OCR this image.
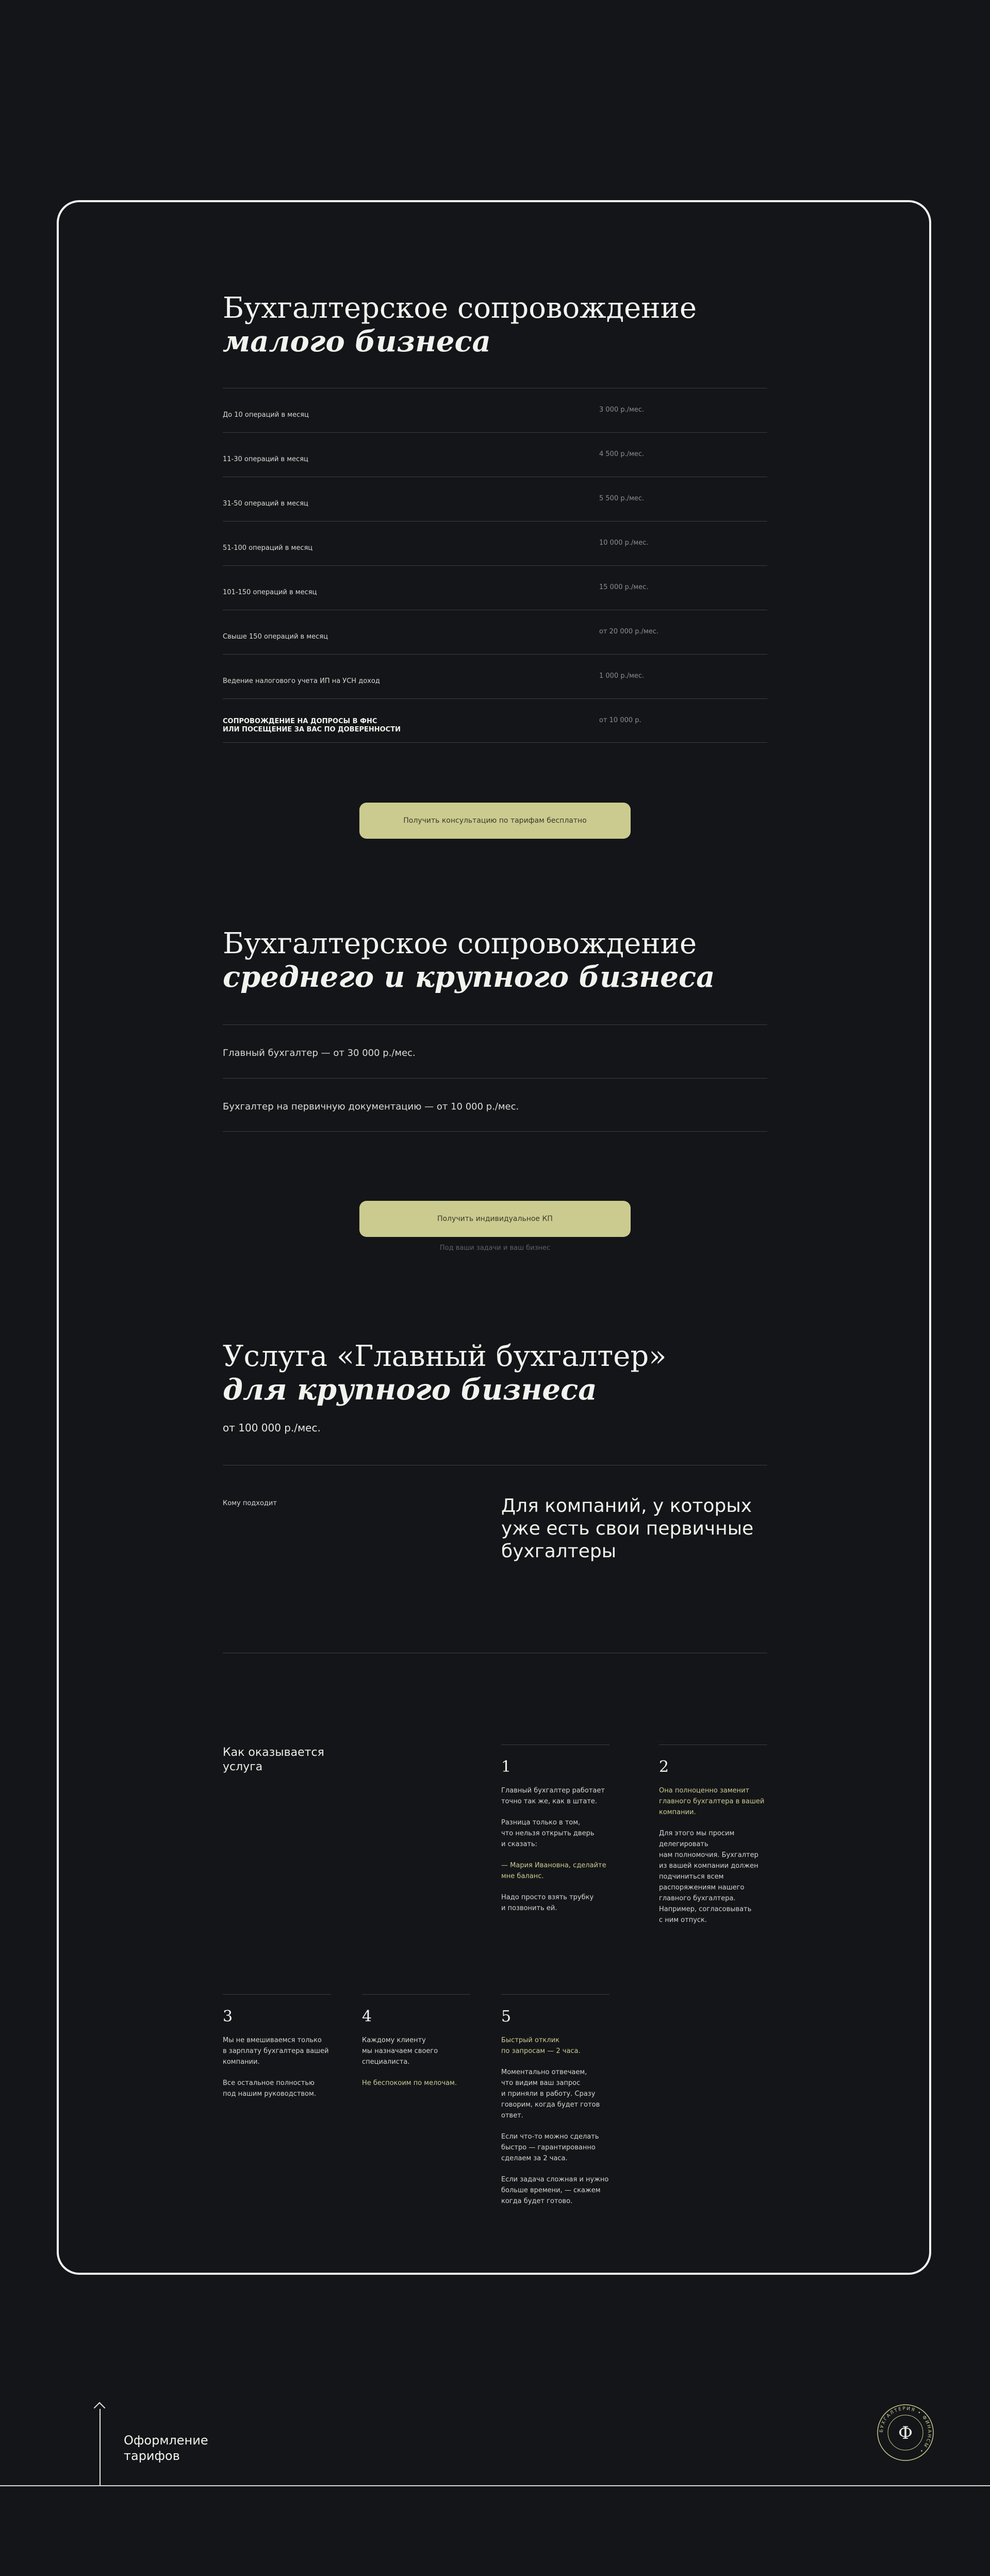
Бухгалтерское сопровождение
малого бизнеса
До 10 операций в месяц
3 000 р./мес.
11-30 операций в месяц
4 500 р./мес.
31-50 операций в месяц
5 500 р./мес.
51-100 операций в месяц
10 000 р./мес.
101-150 операций в месяц
15 000 р./мес.
Свыше 150 операций в месяц
от 20 000 р./мес.
Ведение налогового учета ИП на УСН доход
1 000 р./мес.
СОПРОВОЖДЕНИЕ НА ДОПРОСЫ В ФНС
ИЛИ ПОСЕЩЕНИЕ ЗА ВАС ПО ДОВЕРЕННОСТИ
от 10 000 р.
Получить консультацию по тарифам бесплатно
Бухгалтерское сопровождение
среднего и крупного бизнеса
Главный бухгалтер — от 30 000 р./мес.
Бухгалтер на первичную документацию — от 10 000 р./мес.
Получить индивидуальное КП
Под ваши задачи и ваш бизнес
Услуга «Главный бухгалтер»
для крупного бизнеса
от 100 000 р./мес.
Кому подходит	Для компаний, у которых
уже есть свои первичные
бухгалтеры
Как оказывается
услуга	1

Главный бухгалтер работает
точно так же, как в штате.

Разница только в том,
что нельзя открыть дверь
и сказать:

— Мария Ивановна, сделайте
мне баланс.

Надо просто взять трубку
и позвонить ей.

2

Она полноценно заменит
главного бухгалтера в вашей
компании.

Для этого мы просим
делегировать
нам полномочия. Бухгалтер
из вашей компании должен
подчиниться всем
распоряжениям нашего
главного бухгалтера.
Например, согласовывать
с ним отпуск.

3

Мы не вмешиваемся только
в зарплату бухгалтера вашей
компании.

Все остальное полностью
под нашим руководством.

4

Каждому клиенту
мы назначаем своего
специалиста.

Не беспокоим по мелочам.

5

Быстрый отклик
по запросам — 2 часа.

Моментально отвечаем,
что видим ваш запрос
и приняли в работу. Сразу
говорим, когда будет готов
ответ.

Если что-то можно сделать
быстро — гарантированно
сделаем за 2 часа.

Если задача сложная и нужно
больше времени, — скажем
когда будет готово.

Оформление
тарифов
БУХГАЛТЕРИЯ • ФИНАНСЫ •
Ф
